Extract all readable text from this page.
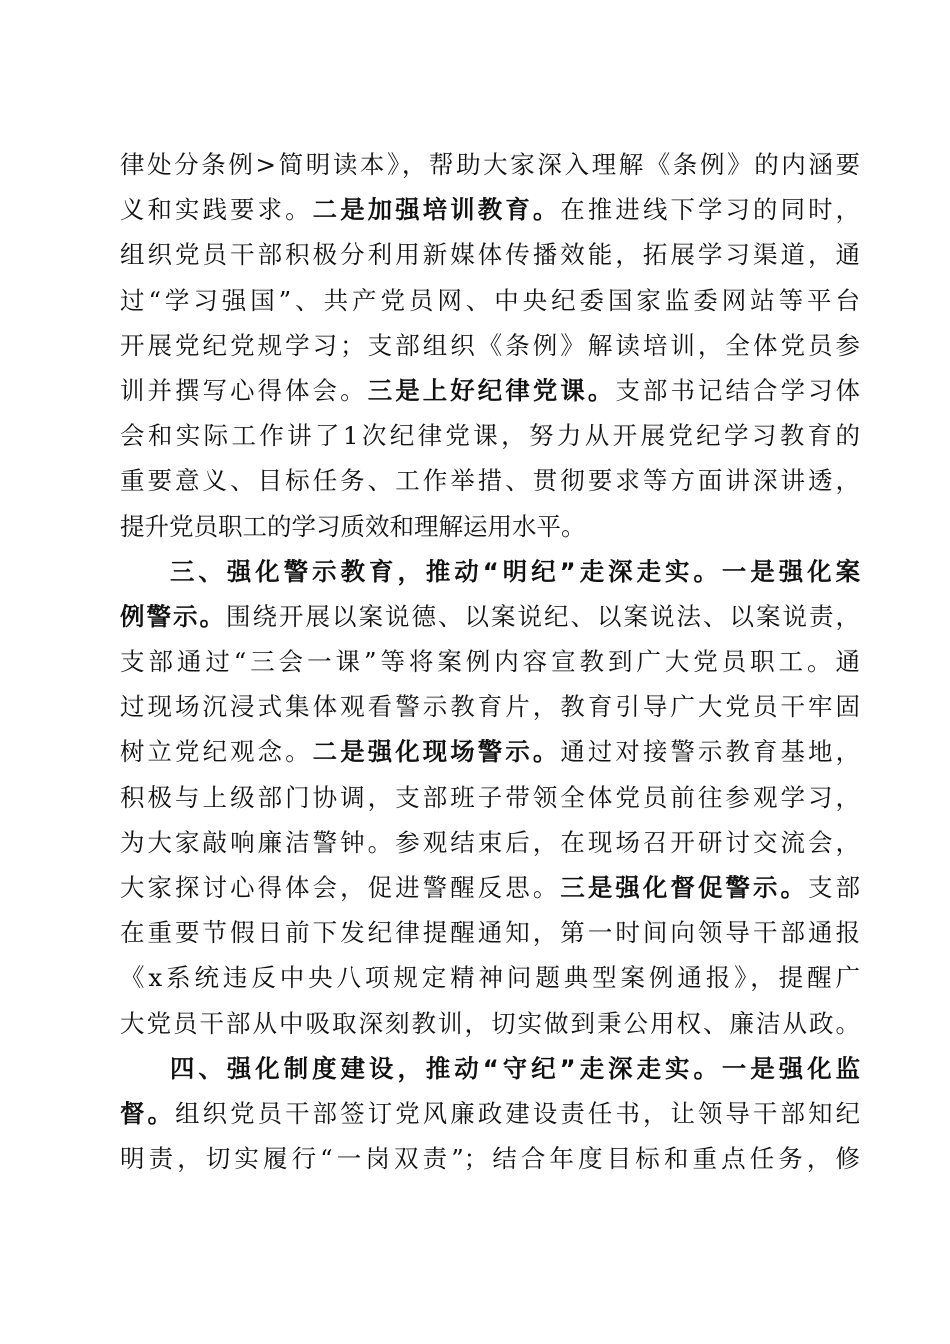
律处分条例>简明读本》，帮助大家深入理解《条例》的内涵要
义和实践要求。二是加强培训教育。在推进线下学习的同时，
组织党员干部积极分利用新媒体传播效能，拓展学习渠道，通
过“学习强国”、共产党员网、中央纪委国家监委网站等平台
开展党纪党规学习；支部组织《条例》解读培训，全体党员参
训并撰写心得体会。三是上好纪律党课。支部书记结合学习体
会和实际工作讲了1次纪律党课，努力从开展党纪学习教育的
重要意义、目标任务、工作举措、贯彻要求等方面讲深讲透，
提升党员职工的学习质效和理解运用水平。
三、强化警示教育，推动“明纪”走深走实。一是强化案
例警示。围绕开展以案说德、以案说纪、以案说法、以案说责，
支部通过“三会一课”等将案例内容宣教到广大党员职工。通
过现场沉浸式集体观看警示教育片，教育引导广大党员干牢固
树立党纪观念。二是强化现场警示。通过对接警示教育基地，
积极与上级部门协调，支部班子带领全体党员前往参观学习，
为大家敲响廉洁警钟。参观结束后，在现场召开研讨交流会，
大家探讨心得体会，促进警醒反思。三是强化督促警示。支部
在重要节假日前下发纪律提醒通知，第一时间向领导干部通报
《x系统违反中央八项规定精神问题典型案例通报》，提醒广
大党员干部从中吸取深刻教训，切实做到秉公用权、廉洁从政。
四、强化制度建设，推动“守纪”走深走实。一是强化监
督。组织党员干部签订党风廉政建设责任书，让领导干部知纪
明责，切实履行“一岗双责”；结合年度目标和重点任务，修
